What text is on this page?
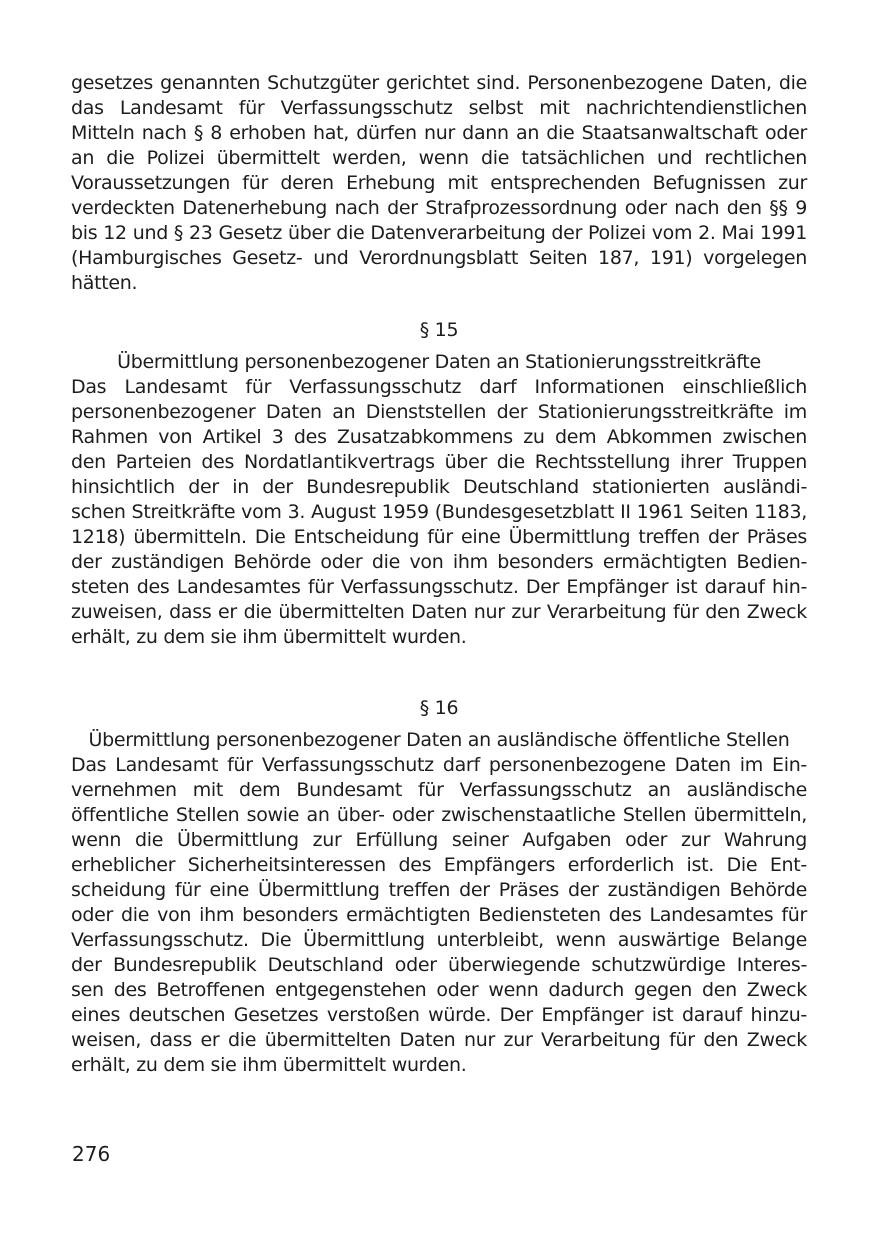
gesetzes genannten Schutzgüter gerichtet sind. Personenbezogene Daten, die
das Landesamt für Verfassungsschutz selbst mit nachrichtendienstlichen
Mitteln nach § 8 erhoben hat, dürfen nur dann an die Staatsanwaltschaft oder
an die Polizei übermittelt werden, wenn die tatsächlichen und rechtlichen
Voraussetzungen für deren Erhebung mit entsprechenden Befugnissen zur
verdeckten Datenerhebung nach der Strafprozessordnung oder nach den §§ 9
bis 12 und § 23 Gesetz über die Datenverarbeitung der Polizei vom 2. Mai 1991
(Hamburgisches Gesetz- und Verordnungsblatt Seiten 187, 191) vorgelegen
hätten.
§ 15
Übermittlung personenbezogener Daten an Stationierungsstreitkräfte
Das Landesamt für Verfassungsschutz darf Informationen einschließlich
personenbezogener Daten an Dienststellen der Stationierungsstreitkräfte im
Rahmen von Artikel 3 des Zusatzabkommens zu dem Abkommen zwischen
den Parteien des Nordatlantikvertrags über die Rechtsstellung ihrer Truppen
hinsichtlich der in der Bundesrepublik Deutschland stationierten ausländi-
schen Streitkräfte vom 3. August 1959 (Bundesgesetzblatt II 1961 Seiten 1183,
1218) übermitteln. Die Entscheidung für eine Übermittlung treffen der Präses
der zuständigen Behörde oder die von ihm besonders ermächtigten Bedien-
steten des Landesamtes für Verfassungsschutz. Der Empfänger ist darauf hin-
zuweisen, dass er die übermittelten Daten nur zur Verarbeitung für den Zweck
erhält, zu dem sie ihm übermittelt wurden.
§ 16
Übermittlung personenbezogener Daten an ausländische öffentliche Stellen
Das Landesamt für Verfassungsschutz darf personenbezogene Daten im Ein-
vernehmen mit dem Bundesamt für Verfassungsschutz an ausländische
öffentliche Stellen sowie an über- oder zwischenstaatliche Stellen übermitteln,
wenn die Übermittlung zur Erfüllung seiner Aufgaben oder zur Wahrung
erheblicher Sicherheitsinteressen des Empfängers erforderlich ist. Die Ent-
scheidung für eine Übermittlung treffen der Präses der zuständigen Behörde
oder die von ihm besonders ermächtigten Bediensteten des Landesamtes für
Verfassungsschutz. Die Übermittlung unterbleibt, wenn auswärtige Belange
der Bundesrepublik Deutschland oder überwiegende schutzwürdige Interes-
sen des Betroffenen entgegenstehen oder wenn dadurch gegen den Zweck
eines deutschen Gesetzes verstoßen würde. Der Empfänger ist darauf hinzu-
weisen, dass er die übermittelten Daten nur zur Verarbeitung für den Zweck
erhält, zu dem sie ihm übermittelt wurden.
276
